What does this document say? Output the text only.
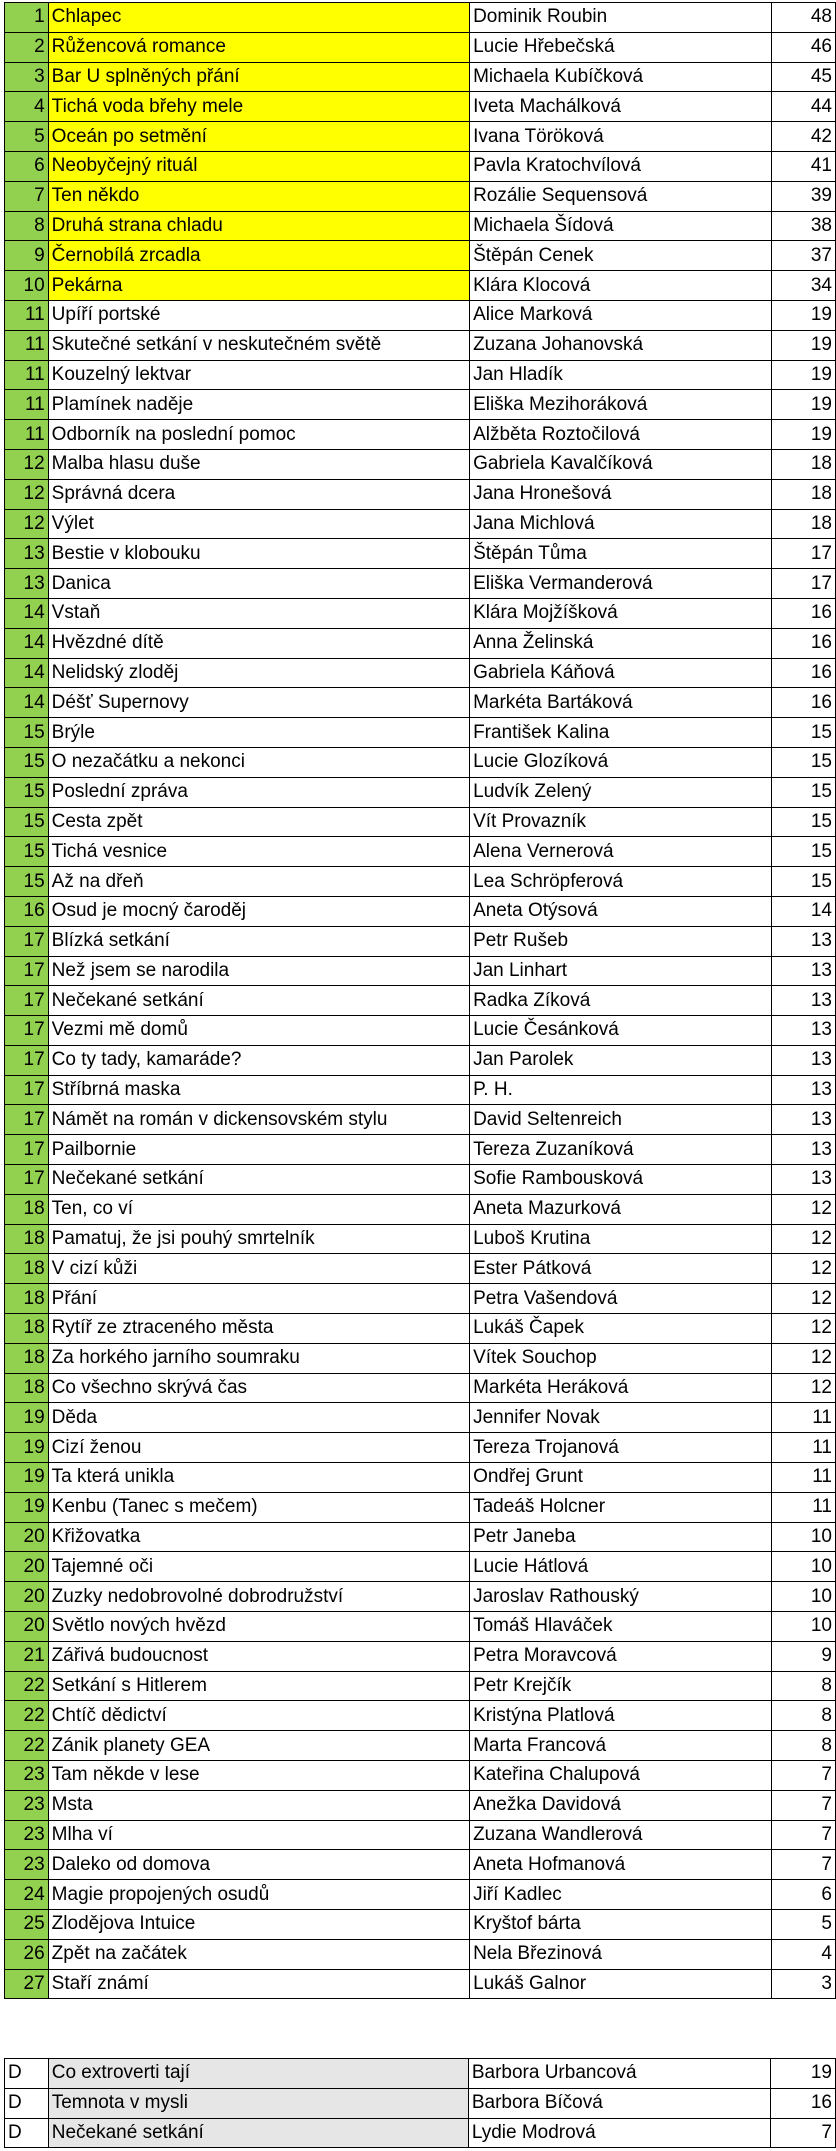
1	Chlapec	Dominik Roubin	48
2	Růžencová romance	Lucie Hřebečská	46
3	Bar U splněných přání	Michaela Kubíčková	45
4	Tichá voda břehy mele	Iveta Machálková	44
5	Oceán po setmění	Ivana Töröková	42
6	Neobyčejný rituál	Pavla Kratochvílová	41
7	Ten někdo	Rozálie Sequensová	39
8	Druhá strana chladu	Michaela Šídová	38
9	Černobílá zrcadla	Štěpán Cenek	37
10	Pekárna	Klára Klocová	34
11	Upíří portské	Alice Marková	19
11	Skutečné setkání v neskutečném světě	Zuzana Johanovská	19
11	Kouzelný lektvar	Jan Hladík	19
11	Plamínek naděje	Eliška Mezihoráková	19
11	Odborník na poslední pomoc	Alžběta Roztočilová	19
12	Malba hlasu duše	Gabriela Kavalčíková	18
12	Správná dcera	Jana Hronešová	18
12	Výlet	Jana Michlová	18
13	Bestie v klobouku	Štěpán Tůma	17
13	Danica	Eliška Vermanderová	17
14	Vstaň	Klára Mojžíšková	16
14	Hvězdné dítě	Anna Želinská	16
14	Nelidský zloděj	Gabriela Káňová	16
14	Déšť Supernovy	Markéta Bartáková	16
15	Brýle	František Kalina	15
15	O nezačátku a nekonci	Lucie Glozíková	15
15	Poslední zpráva	Ludvík Zelený	15
15	Cesta zpět	Vít Provazník	15
15	Tichá vesnice	Alena Vernerová	15
15	Až na dřeň	Lea Schröpferová	15
16	Osud je mocný čaroděj	Aneta Otýsová	14
17	Blízká setkání	Petr Rušeb	13
17	Než jsem se narodila	Jan Linhart	13
17	Nečekané setkání	Radka Zíková	13
17	Vezmi mě domů	Lucie Česánková	13
17	Co ty tady, kamaráde?	Jan Parolek	13
17	Stříbrná maska	P. H.	13
17	Námět na román v dickensovském stylu	David Seltenreich	13
17	Pailbornie	Tereza Zuzaníková	13
17	Nečekané setkání	Sofie Rambousková	13
18	Ten, co ví	Aneta Mazurková	12
18	Pamatuj, že jsi pouhý smrtelník	Luboš Krutina	12
18	V cizí kůži	Ester Pátková	12
18	Přání	Petra Vašendová	12
18	Rytíř ze ztraceného města	Lukáš Čapek	12
18	Za horkého jarního soumraku	Vítek Souchop	12
18	Co všechno skrývá čas	Markéta Heráková	12
19	Děda	Jennifer Novak	11
19	Cizí ženou	Tereza Trojanová	11
19	Ta která unikla	Ondřej Grunt	11
19	Kenbu (Tanec s mečem)	Tadeáš Holcner	11
20	Křižovatka	Petr Janeba	10
20	Tajemné oči	Lucie Hátlová	10
20	Zuzky nedobrovolné dobrodružství	Jaroslav Rathouský	10
20	Světlo nových hvězd	Tomáš Hlaváček	10
21	Zářivá budoucnost	Petra Moravcová	9
22	Setkání s Hitlerem	Petr Krejčík	8
22	Chtíč dědictví	Kristýna Platlová	8
22	Zánik planety GEA	Marta Francová	8
23	Tam někde v lese	Kateřina Chalupová	7
23	Msta	Anežka Davidová	7
23	Mlha ví	Zuzana Wandlerová	7
23	Daleko od domova	Aneta Hofmanová	7
24	Magie propojených osudů	Jiří Kadlec	6
25	Zlodějova Intuice	Kryštof bárta	5
26	Zpět na začátek	Nela Březinová	4
27	Staří známí	Lukáš Galnor	3
D	Co extroverti tají	Barbora Urbancová	19
D	Temnota v mysli	Barbora Bíčová	16
D	Nečekané setkání	Lydie Modrová	7
